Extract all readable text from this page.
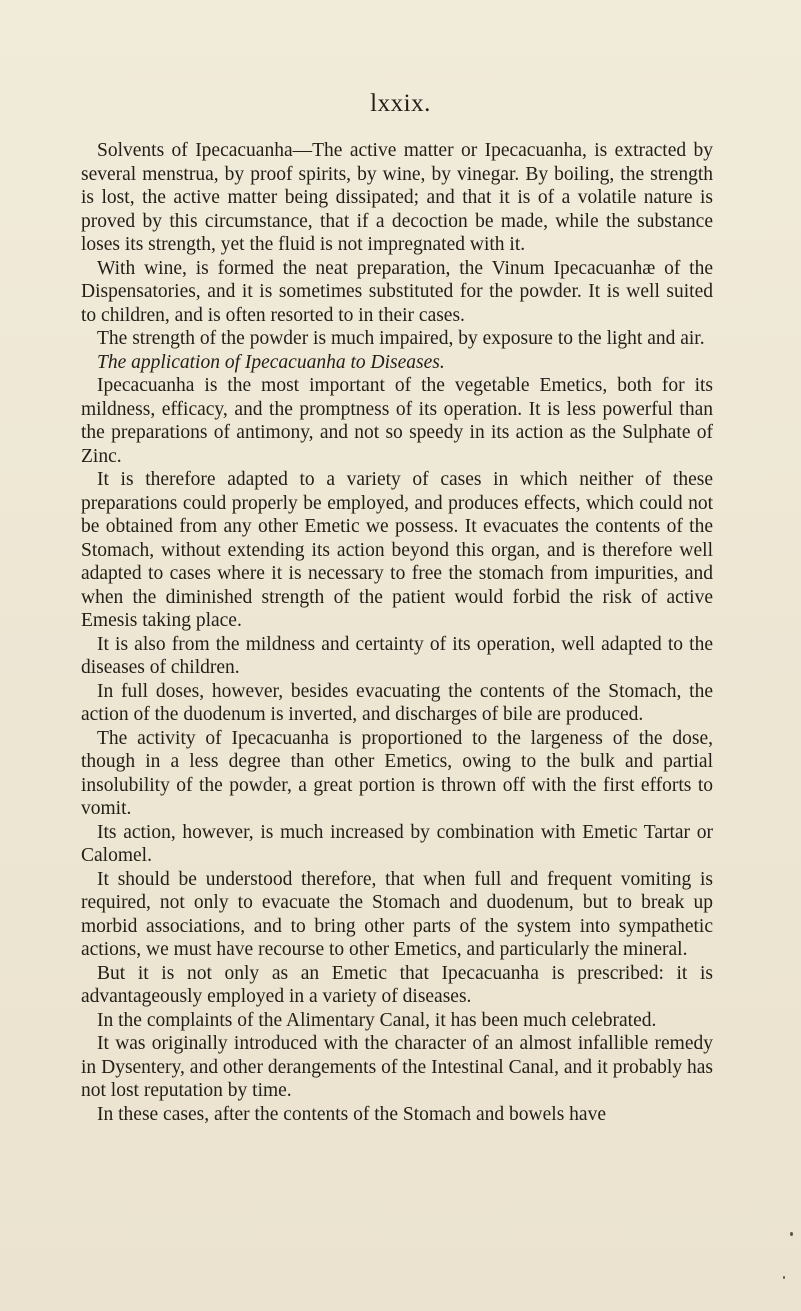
lxxix.

Solvents of Ipecacuanha—The active matter or Ipecacuanha, is extracted by several menstrua, by proof spirits, by wine, by vinegar. By boiling, the strength is lost, the active matter being dissipated; and that it is of a volatile nature is proved by this circumstance, that if a decoction be made, while the substance loses its strength, yet the fluid is not impregnated with it.

With wine, is formed the neat preparation, the Vinum Ipecacuanhæ of the Dispensatories, and it is sometimes substituted for the powder. It is well suited to children, and is often resorted to in their cases.

The strength of the powder is much impaired, by exposure to the light and air.

The application of Ipecacuanha to Diseases.

Ipecacuanha is the most important of the vegetable Emetics, both for its mildness, efficacy, and the promptness of its operation. It is less powerful than the preparations of antimony, and not so speedy in its action as the Sulphate of Zinc.

It is therefore adapted to a variety of cases in which neither of these preparations could properly be employed, and produces effects, which could not be obtained from any other Emetic we possess. It evacuates the contents of the Stomach, without extending its action beyond this organ, and is therefore well adapted to cases where it is necessary to free the stomach from impurities, and when the diminished strength of the patient would forbid the risk of active Emesis taking place.

It is also from the mildness and certainty of its operation, well adapted to the diseases of children.

In full doses, however, besides evacuating the contents of the Stomach, the action of the duodenum is inverted, and discharges of bile are produced.

The activity of Ipecacuanha is proportioned to the largeness of the dose, though in a less degree than other Emetics, owing to the bulk and partial insolubility of the powder, a great portion is thrown off with the first efforts to vomit.

Its action, however, is much increased by combination with Emetic Tartar or Calomel.

It should be understood therefore, that when full and frequent vomiting is required, not only to evacuate the Stomach and duodenum, but to break up morbid associations, and to bring other parts of the system into sympathetic actions, we must have recourse to other Emetics, and particularly the mineral.

But it is not only as an Emetic that Ipecacuanha is prescribed: it is advantageously employed in a variety of diseases.

In the complaints of the Alimentary Canal, it has been much celebrated.

It was originally introduced with the character of an almost infallible remedy in Dysentery, and other derangements of the Intestinal Canal, and it probably has not lost reputation by time.

In these cases, after the contents of the Stomach and bowels have
